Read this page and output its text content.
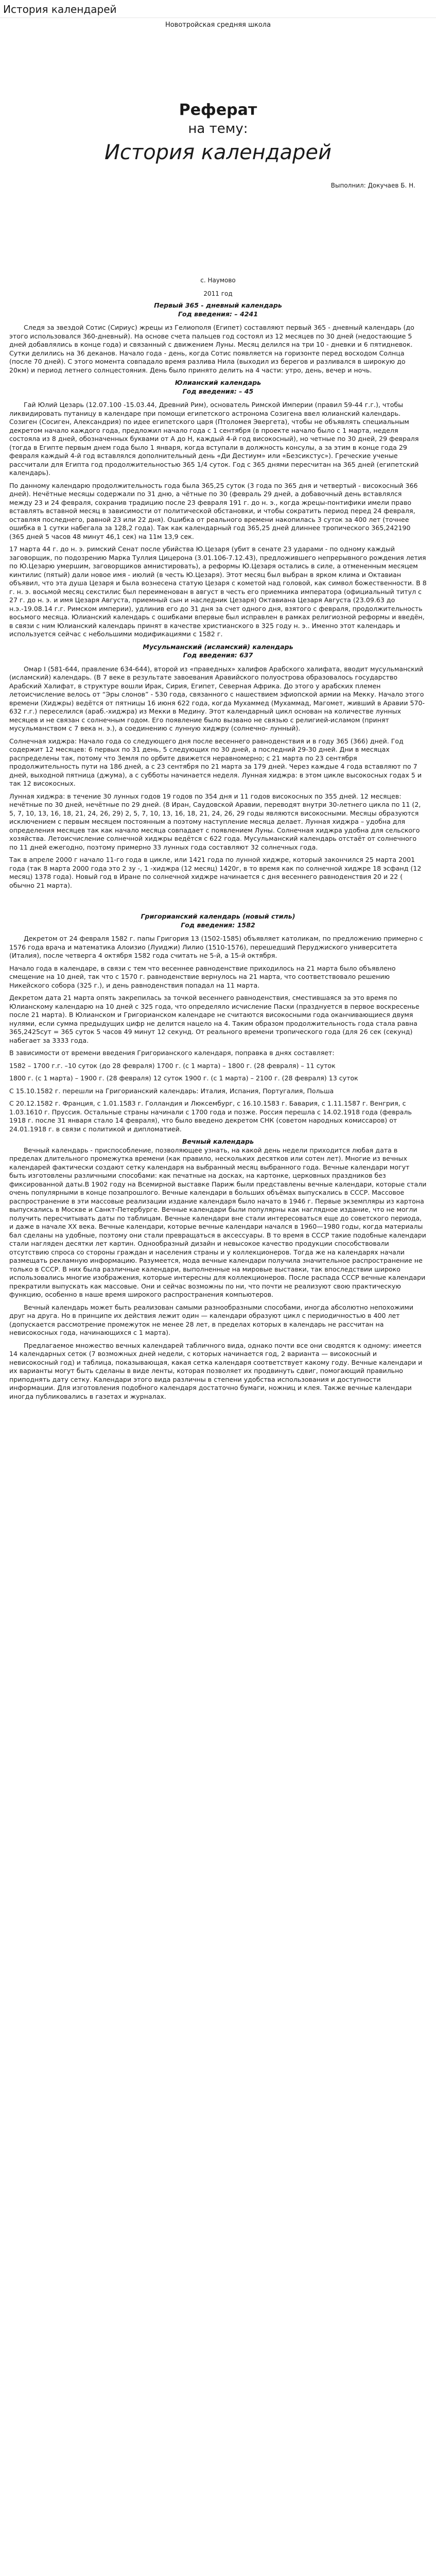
История календарей
Новотройская средняя школа
Реферат
на тему:
История календарей
Выполнил: Докучаев Б. Н.
с. Наумово
2011 год
Первый 365 - дневный календарь
Год введения: – 4241

Следя за звездой Сотис (Сириус) жрецы из Гелиополя (Египет) составляют первый 365 - дневный календарь (до этого использовался 360-дневный). На основе счета пальцев год состоял из 12 месяцев по 30 дней (недостающие 5 дней добавлялись в конце года) и связанный с движением Луны. Месяц делился на три 10 - дневки и 6 пятидневок. Сутки делились на 36 деканов. Начало года - день, когда Сотис появляется на горизонте перед восходом Солнца (после 70 дней). С этого момента совпадало время разлива Нила (выходил из берегов и разливался в широкую до 20км) и период летнего солнцестояния. День было принято делить на 4 части: утро, день, вечер и ночь.

Юлианский календарь
Год введения: – 45

Гай Юлий Цезарь (12.07.100 -15.03.44, Древний Рим), основатель Римской Империи (правил 59-44 г.г.), чтобы ликвидировать путаницу в календаре при помощи египетского астронома Созигена ввел юлианский календарь. Созиген (Сосиген, Александрия) по идее египетского царя (Птоломея Эвергета), чтобы не объявлять специальным декретом начало каждого года, предложил начало года с 1 сентября (в проекте начало было с 1 марта, неделя состояла из 8 дней, обозначенных буквами от А до Н, каждый 4-й год високосный), но четные по 30 дней, 29 февраля (тогда в Египте первым днем года было 1 января, когда вступали в должность консулы, а за этим в конце года 29 февраля каждый 4-й год вставлялся дополнительный день «Ди Дестиум» или «Безсикстус»). Греческие ученые рассчитали для Египта год продолжительностью 365 1/4 суток. Год с 365 днями пересчитан на 365 дней (египетский календарь).

По данному календарю продолжительность года была 365,25 суток (3 года по 365 дня и четвертый - високосный 366 дней). Нечётные месяцы содержали по 31 дню, а чётные по 30 (февраль 29 дней, а добавочный день вставлялся между 23 и 24 февраля, сохранив традицию после 23 февраля 191 г. до н. э., когда жрецы-понтифики имели право вставлять вставной месяц в зависимости от политической обстановки, и чтобы сократить период перед 24 февраля, оставляя последнего, равной 23 или 22 дня). Ошибка от реального времени накопилась 3 суток за 400 лет (точнее ошибка в 1 сутки набегала за 128,2 года). Так как календарный год 365,25 дней длиннее тропического 365,242190 (365 дней 5 часов 48 минут 46,1 сек) на 11м 13,9 сек.

17 марта 44 г. до н. э. римский Сенат после убийства Ю.Цезаря (убит в сенате 23 ударами - по одному каждый заговорщик, по подозрению Марка Туллия Цицерона (3.01.106-7.12.43), предложившего непрерывного рождения летия по Ю.Цезарю умершим, заговорщиков амнистировать), а реформы Ю.Цезаря остались в силе, а отмененным месяцем кинтилис (пятый) дали новое имя - июлий (в честь Ю.Цезаря). Этот месяц был выбран в ярком клима и Октавиан объявил, что эта душа Цезаря и была вознесена статую Цезаря с кометой над головой, как символ божественности. В 8 г. н. э. восьмой месяц секстилис был переименован в август в честь его приемника императора (официальный титул с 27 г. до н. э. и имя Цезаря Августа, приемный сын и наследник Цезаря) Октавиана Цезаря Августа (23.09.63 до н.э.-19.08.14 г.г. Римском империи), удлинив его до 31 дня за счет одного дня, взятого с февраля, продолжительность восьмого месяца. Юлианский календарь с ошибками впервые был исправлен в рамках религиозной реформы и введён, в связи с ним Юлианский календарь принят в качестве христианского в 325 году н. э.. Именно этот календарь и используется сейчас с небольшими модификациями с 1582 г.

Мусульманский (исламский) календарь
Год введения: 637

Омар I (581-644, правление 634-644), второй из «праведных» халифов Арабского халифата, вводит мусульманский (исламский) календарь. (В 7 веке в результате завоевания Аравийского полуострова образовалось государство Арабский Халифат, в структуре вошли Ирак, Сирия, Египет, Северная Африка. До этого у арабских племен летоисчисление велось от “Эры слонов” - 530 года, связанного с нашествием эфиопской армии на Мекку. Начало этого времени (Хиджры) ведётся от пятницы 16 июня 622 года, когда Мухаммед (Мухаммад, Магомет, живший в Аравии 570-632 г.г.) переселился (араб.-хиджра) из Мекки в Медину. Этот календарный цикл основан на количестве лунных месяцев и не связан с солнечным годом. Его появление было вызвано не связью с религией-исламом (принят мусульманством с 7 века н. э.), а соединению с лунную хиджру (солнечно- лунный).

Солнечная хиджра: Начало года со следующего дня после весеннего равноденствия и в году 365 (366) дней. Год содержит 12 месяцев: 6 первых по 31 день, 5 следующих по 30 дней, а последний 29-30 дней. Дни в месяцах распределены так, потому что Земля по орбите движется неравномерно; с 21 марта по 23 сентября продолжительность пути на 186 дней, а с 23 сентября по 21 марта за 179 дней. Через каждые 4 года вставляют по 7 дней, выходной пятница (джума), а с субботы начинается неделя. Лунная хиджра: в этом цикле высокосных годах 5 и так 12 високосных.

Лунная хиджра: в течение 30 лунных годов 19 годов по 354 дня и 11 годов високосных по 355 дней. 12 месяцев: нечётные по 30 дней, нечётные по 29 дней. (8 Иран, Саудовской Аравии, переводят внутри 30-летнего цикла по 11 (2, 5, 7, 10, 13, 16, 18, 21, 24, 26, 29) 2, 5, 7, 10, 13, 16, 18, 21, 24, 26, 29 годы являются високосными. Месяцы образуются исключением с первым месяцем постоянным а поэтому наступление месяца делает. Лунная хиджра – удобна для определения месяцев так как начало месяца совпадает с появлением Луны. Солнечная хиджра удобна для сельского хозяйства. Летоисчисление солнечной хиджры ведётся с 622 года. Мусульманский календарь отстаёт от солнечного по 11 дней ежегодно, поэтому примерно 33 лунных года составляют 32 солнечных года.

Так в апреле 2000 г начало 11-го года в цикле, или 1421 года по лунной хиджре, который закончился 25 марта 2001 года (так 8 марта 2000 года это 2 зу -, 1 -хиджра (12 месяц) 1420г, в то время как по солнечной хиджре 18 эсфанд (12 месяц) 1378 года). Новый год в Иране по солнечной хиджре начинается с дня весеннего равноденствия 20 и 22 ( обычно 21 марта).

Григорианский календарь (новый стиль)
Год введения: 1582

Декретом от 24 февраля 1582 г. папы Григория 13 (1502-1585) объявляет католикам, по предложению примерно с 1576 года врача и математика Алоизио (Луиджи) Лилио (1510-1576), перешедший Перуджиского университета (Италия), после четверга 4 октября 1582 года считать не 5-й, а 15-й октября.

Начало года в календаре, в связи с тем что весеннее равноденствие приходилось на 21 марта было объявлено смещение на 10 дней, так что с 1570 г. равноденствие вернулось на 21 марта, что соответствовало решению Никейского собора (325 г.), и день равноденствия попадал на 11 марта.

Декретом дата 21 марта опять закрепилась за точкой весеннего равноденствия, сместившаяся за это время по Юлианскому календарю на 10 дней с 325 года, что определяло исчисление Пасхи (празднуется в первое воскресенье после 21 марта). В Юлианском и Григорианском календаре не считаются високосными года оканчивающиеся двумя нулями, если сумма предыдущих цифр не делится нацело на 4. Таким образом продолжительность года стала равна 365,2425сут = 365 суток 5 часов 49 минут 12 секунд. От реального времени тропического года (для 26 сек (секунд) набегает за 3333 года.

В зависимости от времени введения Григорианского календаря, поправка в днях составляет:

1582 – 1700 г.г. –10 суток (до 28 февраля) 1700 г. (с 1 марта) – 1800 г. (28 февраля) – 11 суток

1800 г. (с 1 марта) – 1900 г. (28 февраля) 12 суток 1900 г. (с 1 марта) – 2100 г. (28 февраля) 13 суток

С 15.10.1582 г. перешли на Григорианский календарь: Италия, Испания, Португалия, Польша

С 20.12.1582 г. Франция, с 1.01.1583 г. Голландия и Люксембург, с 16.10.1583 г. Бавария, с 1.11.1587 г. Венгрия, с 1.03.1610 г. Пруссия. Остальные страны начинали с 1700 года и позже. Россия перешла с 14.02.1918 года (февраль 1918 г. после 31 января стало 14 февраля), что было введено декретом СНК (советом народных комиссаров) от 24.01.1918 г. в связи с политикой и дипломатией.

Вечный календарь

Вечный календарь - приспособление, позволяющее узнать, на какой день недели приходится любая дата в пределах длительного промежутка времени (как правило, нескольких десятков или сотен лет). Многие из вечных календарей фактически создают сетку календаря на выбранный месяц выбранного года. Вечные календари могут быть изготовлены различными способами: как печатные на досках, на картонке, церковных праздников без фиксированной даты.В 1902 году на Всемирной выставке Париж были представлены вечные календари, которые стали очень популярными в конце позапрошлого. Вечные календари в больших объёмах выпускались в СССР. Массовое распространение в эти массовые реализации издание календаря было начато в 1946 г. Первые экземпляры из картона выпускались в Москве и Санкт-Петербурге. Вечные календари были популярны как наглядное издание, что не могли получить пересчитывать даты по таблицам. Вечные календари вне стали интересоваться еще до советского периода, и даже в начале XX века. Вечные календари, которые вечные календари начался в 1960—1980 годы, когда материалы бал сделаны на удобные, поэтому они стали превращаться в аксессуары. В то время в СССР такие подобные календари стали нагляден десятки лет картин. Однообразный дизайн и невысокое качество продукции способствовали отсутствию спроса со стороны граждан и населения страны и у коллекционеров. Тогда же на календарях начали размещать рекламную информацию. Разумеется, мода вечные календари получила значительное распространение не только в СССР. В них была различные календари, выполненные на мировые выставки, так впоследствии широко использовались многие изображения, которые интересны для коллекционеров. После распада СССР вечные календари прекратили выпускать как массовые. Они и сейчас возможны по ни, что почти не реализуют свою практическую функцию, особенно в наше время широкого распространения компьютеров.

Вечный календарь может быть реализован самыми разнообразными способами, иногда абсолютно непохожими друг на друга. Но в принципе их действия лежит один — календари образуют цикл с периодичностью в 400 лет (допускается рассмотрение промежуток не менее 28 лет, в пределах которых в календарь не рассчитан на невисокосных года, начинающихся с 1 марта).

Предлагаемое множество вечных календарей табличного вида, однако почти все они сводятся к одному: имеется 14 календарных сеток (7 возможных дней недели, с которых начинается год, 2 варианта — високосный и невисокосный год) и таблица, показывающая, какая сетка календаря соответствует какому году. Вечные календари и их варианты могут быть сделаны в виде ленты, которая позволяет их продвинуть сдвиг, помогающий правильно приподнять дату сетку. Календари этого вида различны в степени удобства использования и доступности информации. Для изготовления подобного календаря достаточно бумаги, ножниц и клея. Также вечные календари иногда публиковались в газетах и журналах.
